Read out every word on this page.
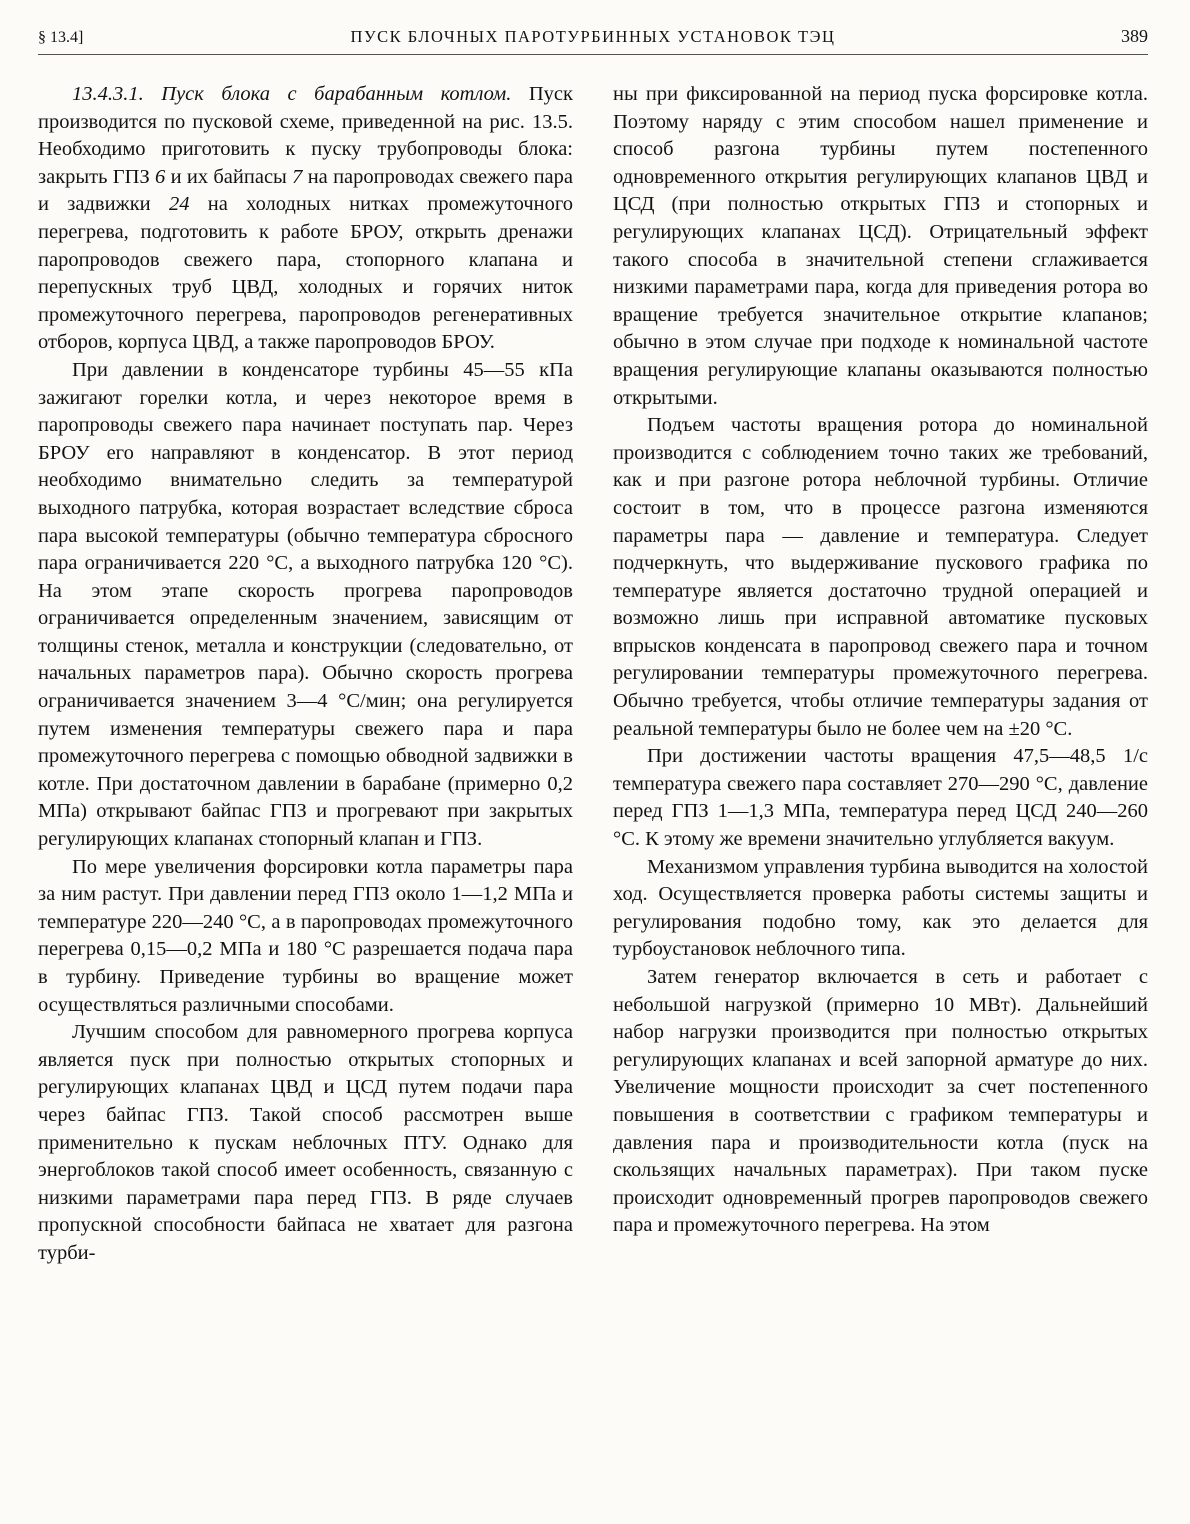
§ 13.4]	ПУСК БЛОЧНЫХ ПАРОТУРБИННЫХ УСТАНОВОК ТЭЦ	389

13.4.3.1. Пуск блока с барабанным котлом. Пуск производится по пусковой схеме, приведенной на рис. 13.5. Необходимо приготовить к пуску трубопроводы блока: закрыть ГПЗ 6 и их байпасы 7 на паропроводах свежего пара и задвижки 24 на холодных нитках промежуточного перегрева, подготовить к работе БРОУ, открыть дренажи паропроводов свежего пара, стопорного клапана и перепускных труб ЦВД, холодных и горячих ниток промежуточного перегрева, паропроводов регенеративных отборов, корпуса ЦВД, а также паропроводов БРОУ.

При давлении в конденсаторе турбины 45—55 кПа зажигают горелки котла, и через некоторое время в паропроводы свежего пара начинает поступать пар. Через БРОУ его направляют в конденсатор. В этот период необходимо внимательно следить за температурой выходного патрубка, которая возрастает вследствие сброса пара высокой температуры (обычно температура сбросного пара ограничивается 220 °С, а выходного патрубка 120 °С). На этом этапе скорость прогрева паропроводов ограничивается определенным значением, зависящим от толщины стенок, металла и конструкции (следовательно, от начальных параметров пара). Обычно скорость прогрева ограничивается значением 3—4 °С/мин; она регулируется путем изменения температуры свежего пара и пара промежуточного перегрева с помощью обводной задвижки в котле. При достаточном давлении в барабане (примерно 0,2 МПа) открывают байпас ГПЗ и прогревают при закрытых регулирующих клапанах стопорный клапан и ГПЗ.

По мере увеличения форсировки котла параметры пара за ним растут. При давлении перед ГПЗ около 1—1,2 МПа и температуре 220—240 °С, а в паропроводах промежуточного перегрева 0,15—0,2 МПа и 180 °С разрешается подача пара в турбину. Приведение турбины во вращение может осуществляться различными способами.

Лучшим способом для равномерного прогрева корпуса является пуск при полностью открытых стопорных и регулирующих клапанах ЦВД и ЦСД путем подачи пара через байпас ГПЗ. Такой способ рассмотрен выше применительно к пускам неблочных ПТУ. Однако для энергоблоков такой способ имеет особенность, связанную с низкими параметрами пара перед ГПЗ. В ряде случаев пропускной способности байпаса не хватает для разгона турби-

ны при фиксированной на период пуска форсировке котла. Поэтому наряду с этим способом нашел применение и способ разгона турбины путем постепенного одновременного открытия регулирующих клапанов ЦВД и ЦСД (при полностью открытых ГПЗ и стопорных и регулирующих клапанах ЦСД). Отрицательный эффект такого способа в значительной степени сглаживается низкими параметрами пара, когда для приведения ротора во вращение требуется значительное открытие клапанов; обычно в этом случае при подходе к номинальной частоте вращения регулирующие клапаны оказываются полностью открытыми.

Подъем частоты вращения ротора до номинальной производится с соблюдением точно таких же требований, как и при разгоне ротора неблочной турбины. Отличие состоит в том, что в процессе разгона изменяются параметры пара — давление и температура. Следует подчеркнуть, что выдерживание пускового графика по температуре является достаточно трудной операцией и возможно лишь при исправной автоматике пусковых впрысков конденсата в паропровод свежего пара и точном регулировании температуры промежуточного перегрева. Обычно требуется, чтобы отличие температуры задания от реальной температуры было не более чем на ±20 °С.

При достижении частоты вращения 47,5—48,5 1/с температура свежего пара составляет 270—290 °С, давление перед ГПЗ 1—1,3 МПа, температура перед ЦСД 240—260 °С. К этому же времени значительно углубляется вакуум.

Механизмом управления турбина выводится на холостой ход. Осуществляется проверка работы системы защиты и регулирования подобно тому, как это делается для турбоустановок неблочного типа.

Затем генератор включается в сеть и работает с небольшой нагрузкой (примерно 10 МВт). Дальнейший набор нагрузки производится при полностью открытых регулирующих клапанах и всей запорной арматуре до них. Увеличение мощности происходит за счет постепенного повышения в соответствии с графиком температуры и давления пара и производительности котла (пуск на скользящих начальных параметрах). При таком пуске происходит одновременный прогрев паропроводов свежего пара и промежуточного перегрева. На этом
